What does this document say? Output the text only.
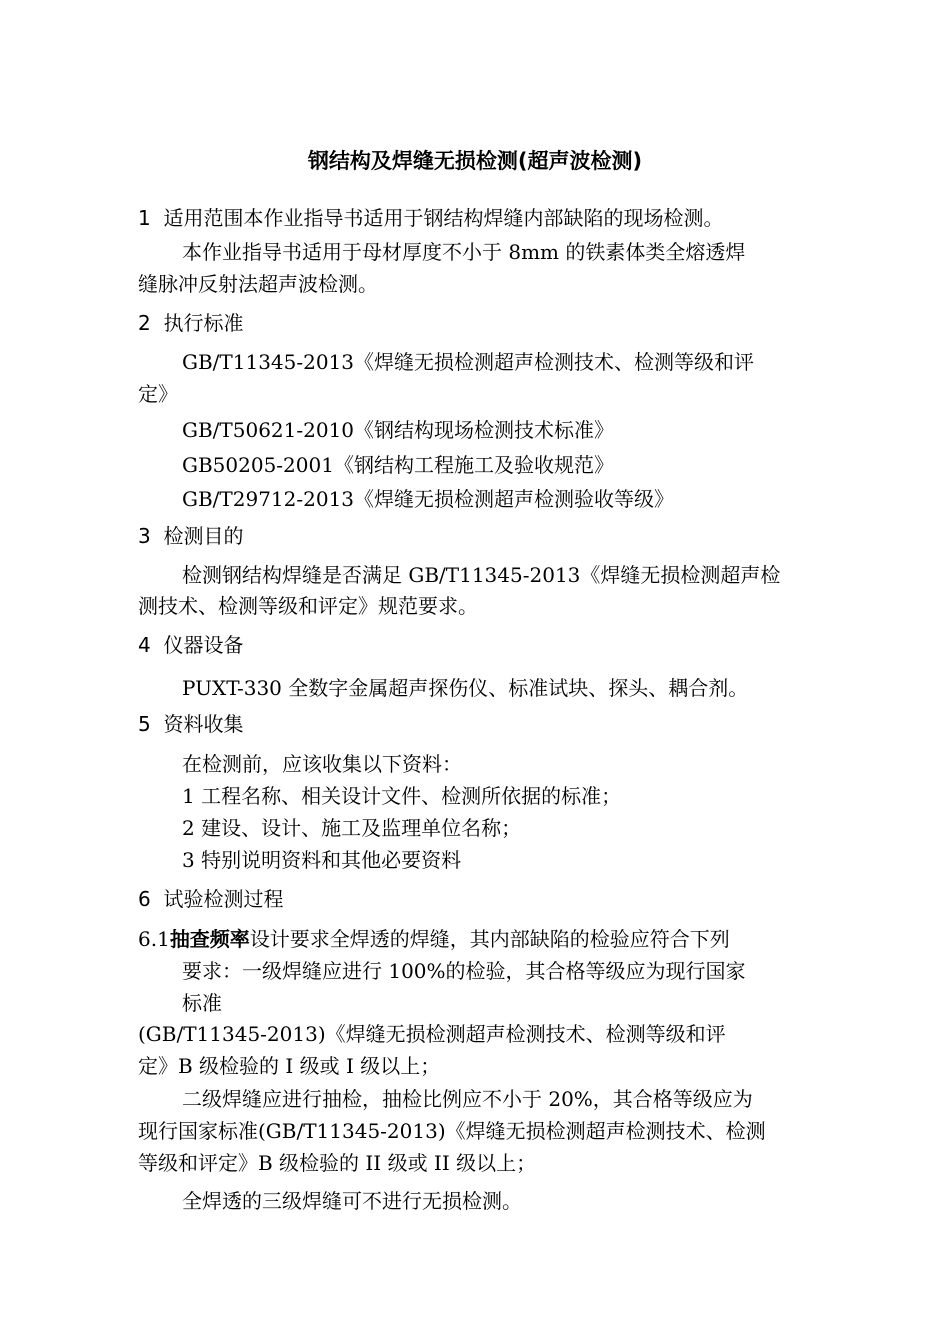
钢结构及焊缝无损检测(超声波检测)
1 适用范围本作业指导书适用于钢结构焊缝内部缺陷的现场检测。
本作业指导书适用于母材厚度不小于 8mm 的铁素体类全熔透焊
缝脉冲反射法超声波检测。
2 执行标准
GB/T11345-2013《焊缝无损检测超声检测技术、检测等级和评
定》
GB/T50621-2010《钢结构现场检测技术标准》
GB50205-2001《钢结构工程施工及验收规范》
GB/T29712-2013《焊缝无损检测超声检测验收等级》
3 检测目的
检测钢结构焊缝是否满足 GB/T11345-2013《焊缝无损检测超声检
测技术、检测等级和评定》规范要求。
4 仪器设备
PUXT-330 全数字金属超声探伤仪、标准试块、探头、耦合剂。
5 资料收集
在检测前，应该收集以下资料：
1 工程名称、相关设计文件、检测所依据的标准；
2 建设、设计、施工及监理单位名称；
3 特别说明资料和其他必要资料
6 试验检测过程
6.1抽查频率设计要求全焊透的焊缝，其内部缺陷的检验应符合下列
要求：一级焊缝应进行 100%的检验，其合格等级应为现行国家
标准
(GB/T11345-2013)《焊缝无损检测超声检测技术、检测等级和评
定》B 级检验的 I 级或 I 级以上；
二级焊缝应进行抽检，抽检比例应不小于 20%，其合格等级应为
现行国家标准(GB/T11345-2013)《焊缝无损检测超声检测技术、检测
等级和评定》B 级检验的 II 级或 II 级以上；
全焊透的三级焊缝可不进行无损检测。
